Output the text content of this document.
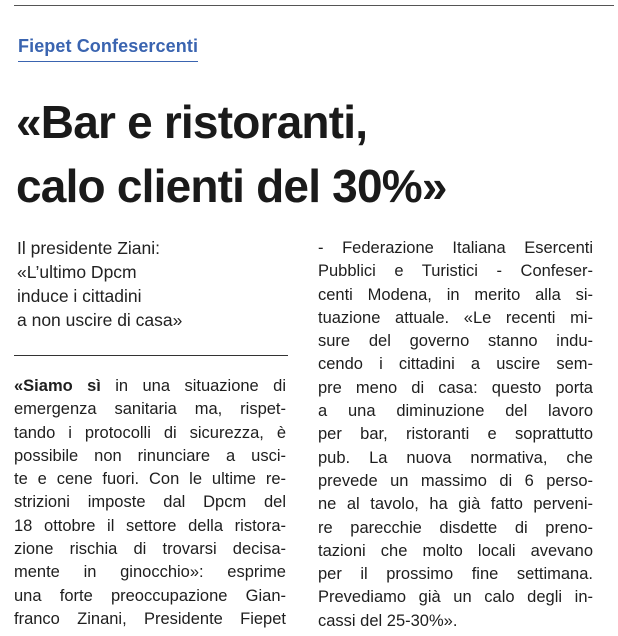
Fiepet Confesercenti
«Bar e ristoranti,
calo clienti del 30%»
Il presidente Ziani:
«L’ultimo Dpcm
induce i cittadini
a non uscire di casa»
«Siamo sì in una situazione di
emergenza sanitaria ma, rispet-
tando i protocolli di sicurezza, è
possibile non rinunciare a usci-
te e cene fuori. Con le ultime re-
strizioni imposte dal Dpcm del
18 ottobre il settore della ristora-
zione rischia di trovarsi decisa-
mente in ginocchio»: esprime
una forte preoccupazione Gian-
franco Zinani, Presidente Fiepet
- Federazione Italiana Esercenti
Pubblici e Turistici - Confeser-
centi Modena, in merito alla si-
tuazione attuale. «Le recenti mi-
sure del governo stanno indu-
cendo i cittadini a uscire sem-
pre meno di casa: questo porta
a una diminuzione del lavoro
per bar, ristoranti e soprattutto
pub. La nuova normativa, che
prevede un massimo di 6 perso-
ne al tavolo, ha già fatto perveni-
re parecchie disdette di preno-
tazioni che molto locali avevano
per il prossimo fine settimana.
Prevediamo già un calo degli in-
cassi del 25-30%».
